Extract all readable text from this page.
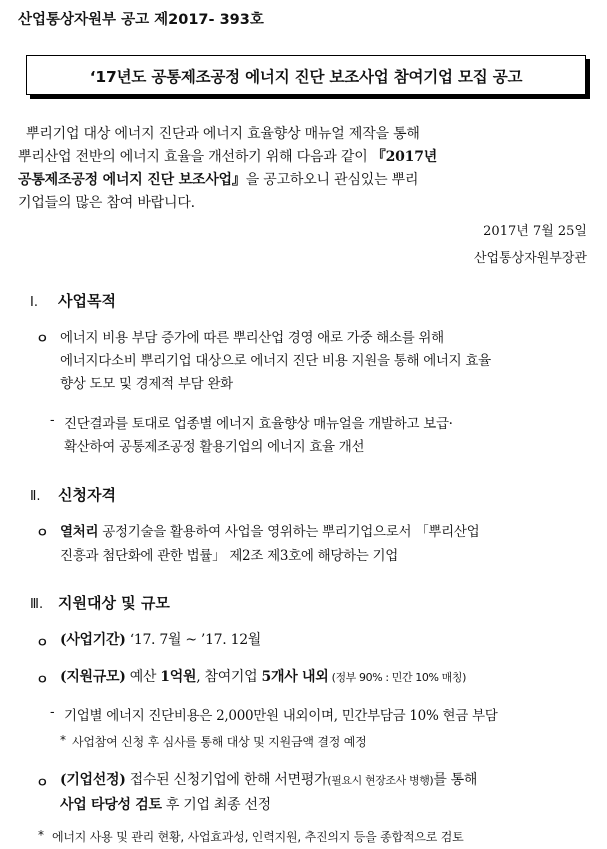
산업통상자원부 공고 제2017- 393호
‘17년도 공통제조공정 에너지 진단 보조사업 참여기업 모집 공고
뿌리기업 대상 에너지 진단과 에너지 효율향상 매뉴얼 제작을 통해
뿌리산업 전반의 에너지 효율을 개선하기 위해 다음과 같이 『2017년
공통제조공정 에너지 진단 보조사업』을 공고하오니 관심있는 뿌리
기업들의 많은 참여 바랍니다.
2017년 7월 25일
산업통상자원부장관
Ⅰ. 사업목적
ㅇ 에너지 비용 부담 증가에 따른 뿌리산업 경영 애로 가중 해소를 위해
에너지다소비 뿌리기업 대상으로 에너지 진단 비용 지원을 통해 에너지 효율
향상 도모 및 경제적 부담 완화
- 진단결과를 토대로 업종별 에너지 효율향상 매뉴얼을 개발하고 보급·
확산하여 공통제조공정 활용기업의 에너지 효율 개선
Ⅱ. 신청자격
ㅇ 열처리 공정기술을 활용하여 사업을 영위하는 뿌리기업으로서 「뿌리산업
진흥과 첨단화에 관한 법률」 제2조 제3호에 해당하는 기업
Ⅲ. 지원대상 및 규모
ㅇ (사업기간) ‘17. 7월 ~ ’17. 12월
ㅇ (지원규모) 예산 1억원, 참여기업 5개사 내외 (정부 90% : 민간 10% 매칭)
- 기업별 에너지 진단비용은 2,000만원 내외이며, 민간부담금 10% 현금 부담
* 사업참여 신청 후 심사를 통해 대상 및 지원금액 결정 예정
ㅇ (기업선정) 접수된 신청기업에 한해 서면평가(필요시 현장조사 병행)를 통해
사업 타당성 검토 후 기업 최종 선정
* 에너지 사용 및 관리 현황, 사업효과성, 인력지원, 추진의지 등을 종합적으로 검토
